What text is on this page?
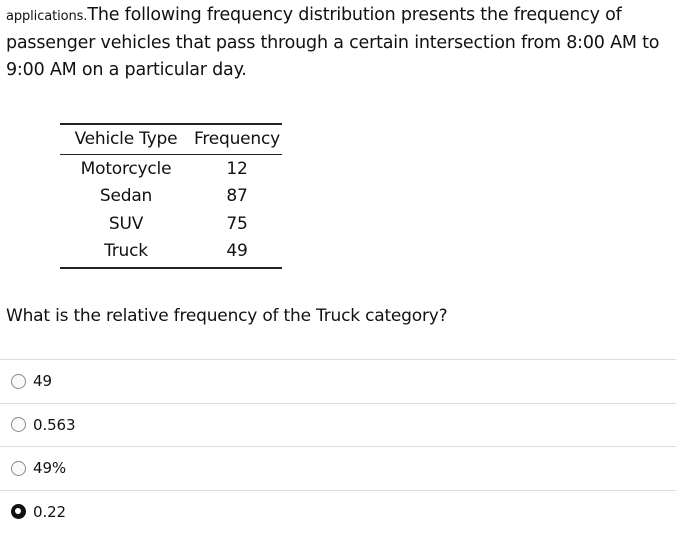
applications.The following frequency distribution presents the frequency of passenger vehicles that pass through a certain intersection from 8:00 AM to 9:00 AM on a particular day.
Vehicle Type	Frequency
Motorcycle	12
Sedan	87
SUV	75
Truck	49
What is the relative frequency of the Truck category?
49
0.563
49%
0.22
